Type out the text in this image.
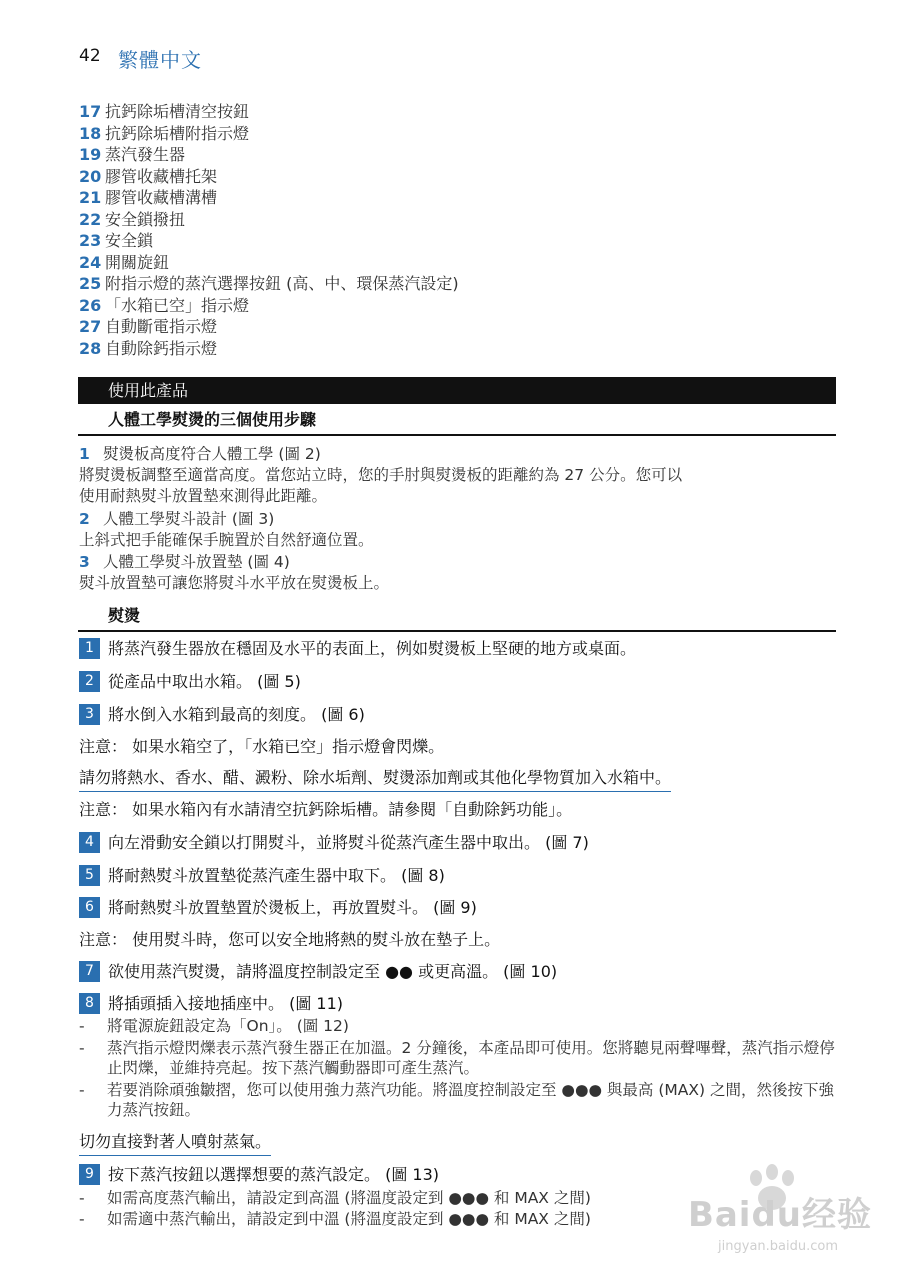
42 繁體中文
17 抗鈣除垢槽清空按鈕
18 抗鈣除垢槽附指示燈
19 蒸汽發生器
20 膠管收藏槽托架
21 膠管收藏槽溝槽
22 安全鎖撥扭
23 安全鎖
24 開關旋鈕
25 附指示燈的蒸汽選擇按鈕 (高、中、環保蒸汽設定)
26 「水箱已空」指示燈
27 自動斷電指示燈
28 自動除鈣指示燈
使用此產品
人體工學熨燙的三個使用步驟
1 熨燙板高度符合人體工學 (圖 2)
將熨燙板調整至適當高度。當您站立時，您的手肘與熨燙板的距離約為 27 公分。您可以
使用耐熱熨斗放置墊來測得此距離。
2 人體工學熨斗設計 (圖 3)
上斜式把手能確保手腕置於自然舒適位置。
3 人體工學熨斗放置墊 (圖 4)
熨斗放置墊可讓您將熨斗水平放在熨燙板上。
熨燙
1 將蒸汽發生器放在穩固及水平的表面上，例如熨燙板上堅硬的地方或桌面。
2 從產品中取出水箱。 (圖 5)
3 將水倒入水箱到最高的刻度。 (圖 6)
注意： 如果水箱空了，「水箱已空」指示燈會閃爍。
請勿將熱水、香水、醋、澱粉、除水垢劑、熨燙添加劑或其他化學物質加入水箱中。
注意： 如果水箱內有水請清空抗鈣除垢槽。請參閱「自動除鈣功能」。
4 向左滑動安全鎖以打開熨斗，並將熨斗從蒸汽產生器中取出。 (圖 7)
5 將耐熱熨斗放置墊從蒸汽產生器中取下。 (圖 8)
6 將耐熱熨斗放置墊置於燙板上，再放置熨斗。 (圖 9)
注意： 使用熨斗時，您可以安全地將熱的熨斗放在墊子上。
7 欲使用蒸汽熨燙，請將溫度控制設定至 ●● 或更高溫。 (圖 10)
8 將插頭插入接地插座中。 (圖 11)
- 將電源旋鈕設定為「On」。 (圖 12)
- 蒸汽指示燈閃爍表示蒸汽發生器正在加溫。2 分鐘後，本產品即可使用。您將聽見兩聲嗶聲，蒸汽指示燈停止閃爍，並維持亮起。按下蒸汽觸動器即可產生蒸汽。
- 若要消除頑強皺摺，您可以使用強力蒸汽功能。將溫度控制設定至 ●●● 與最高 (MAX) 之間，然後按下強力蒸汽按鈕。
切勿直接對著人噴射蒸氣。
9 按下蒸汽按鈕以選擇想要的蒸汽設定。 (圖 13)
- 如需高度蒸汽輸出，請設定到高溫 (將溫度設定到 ●●● 和 MAX 之間)
- 如需適中蒸汽輸出，請設定到中溫 (將溫度設定到 ●●● 和 MAX 之間)	Baidu经验
jingyan.baidu.com
